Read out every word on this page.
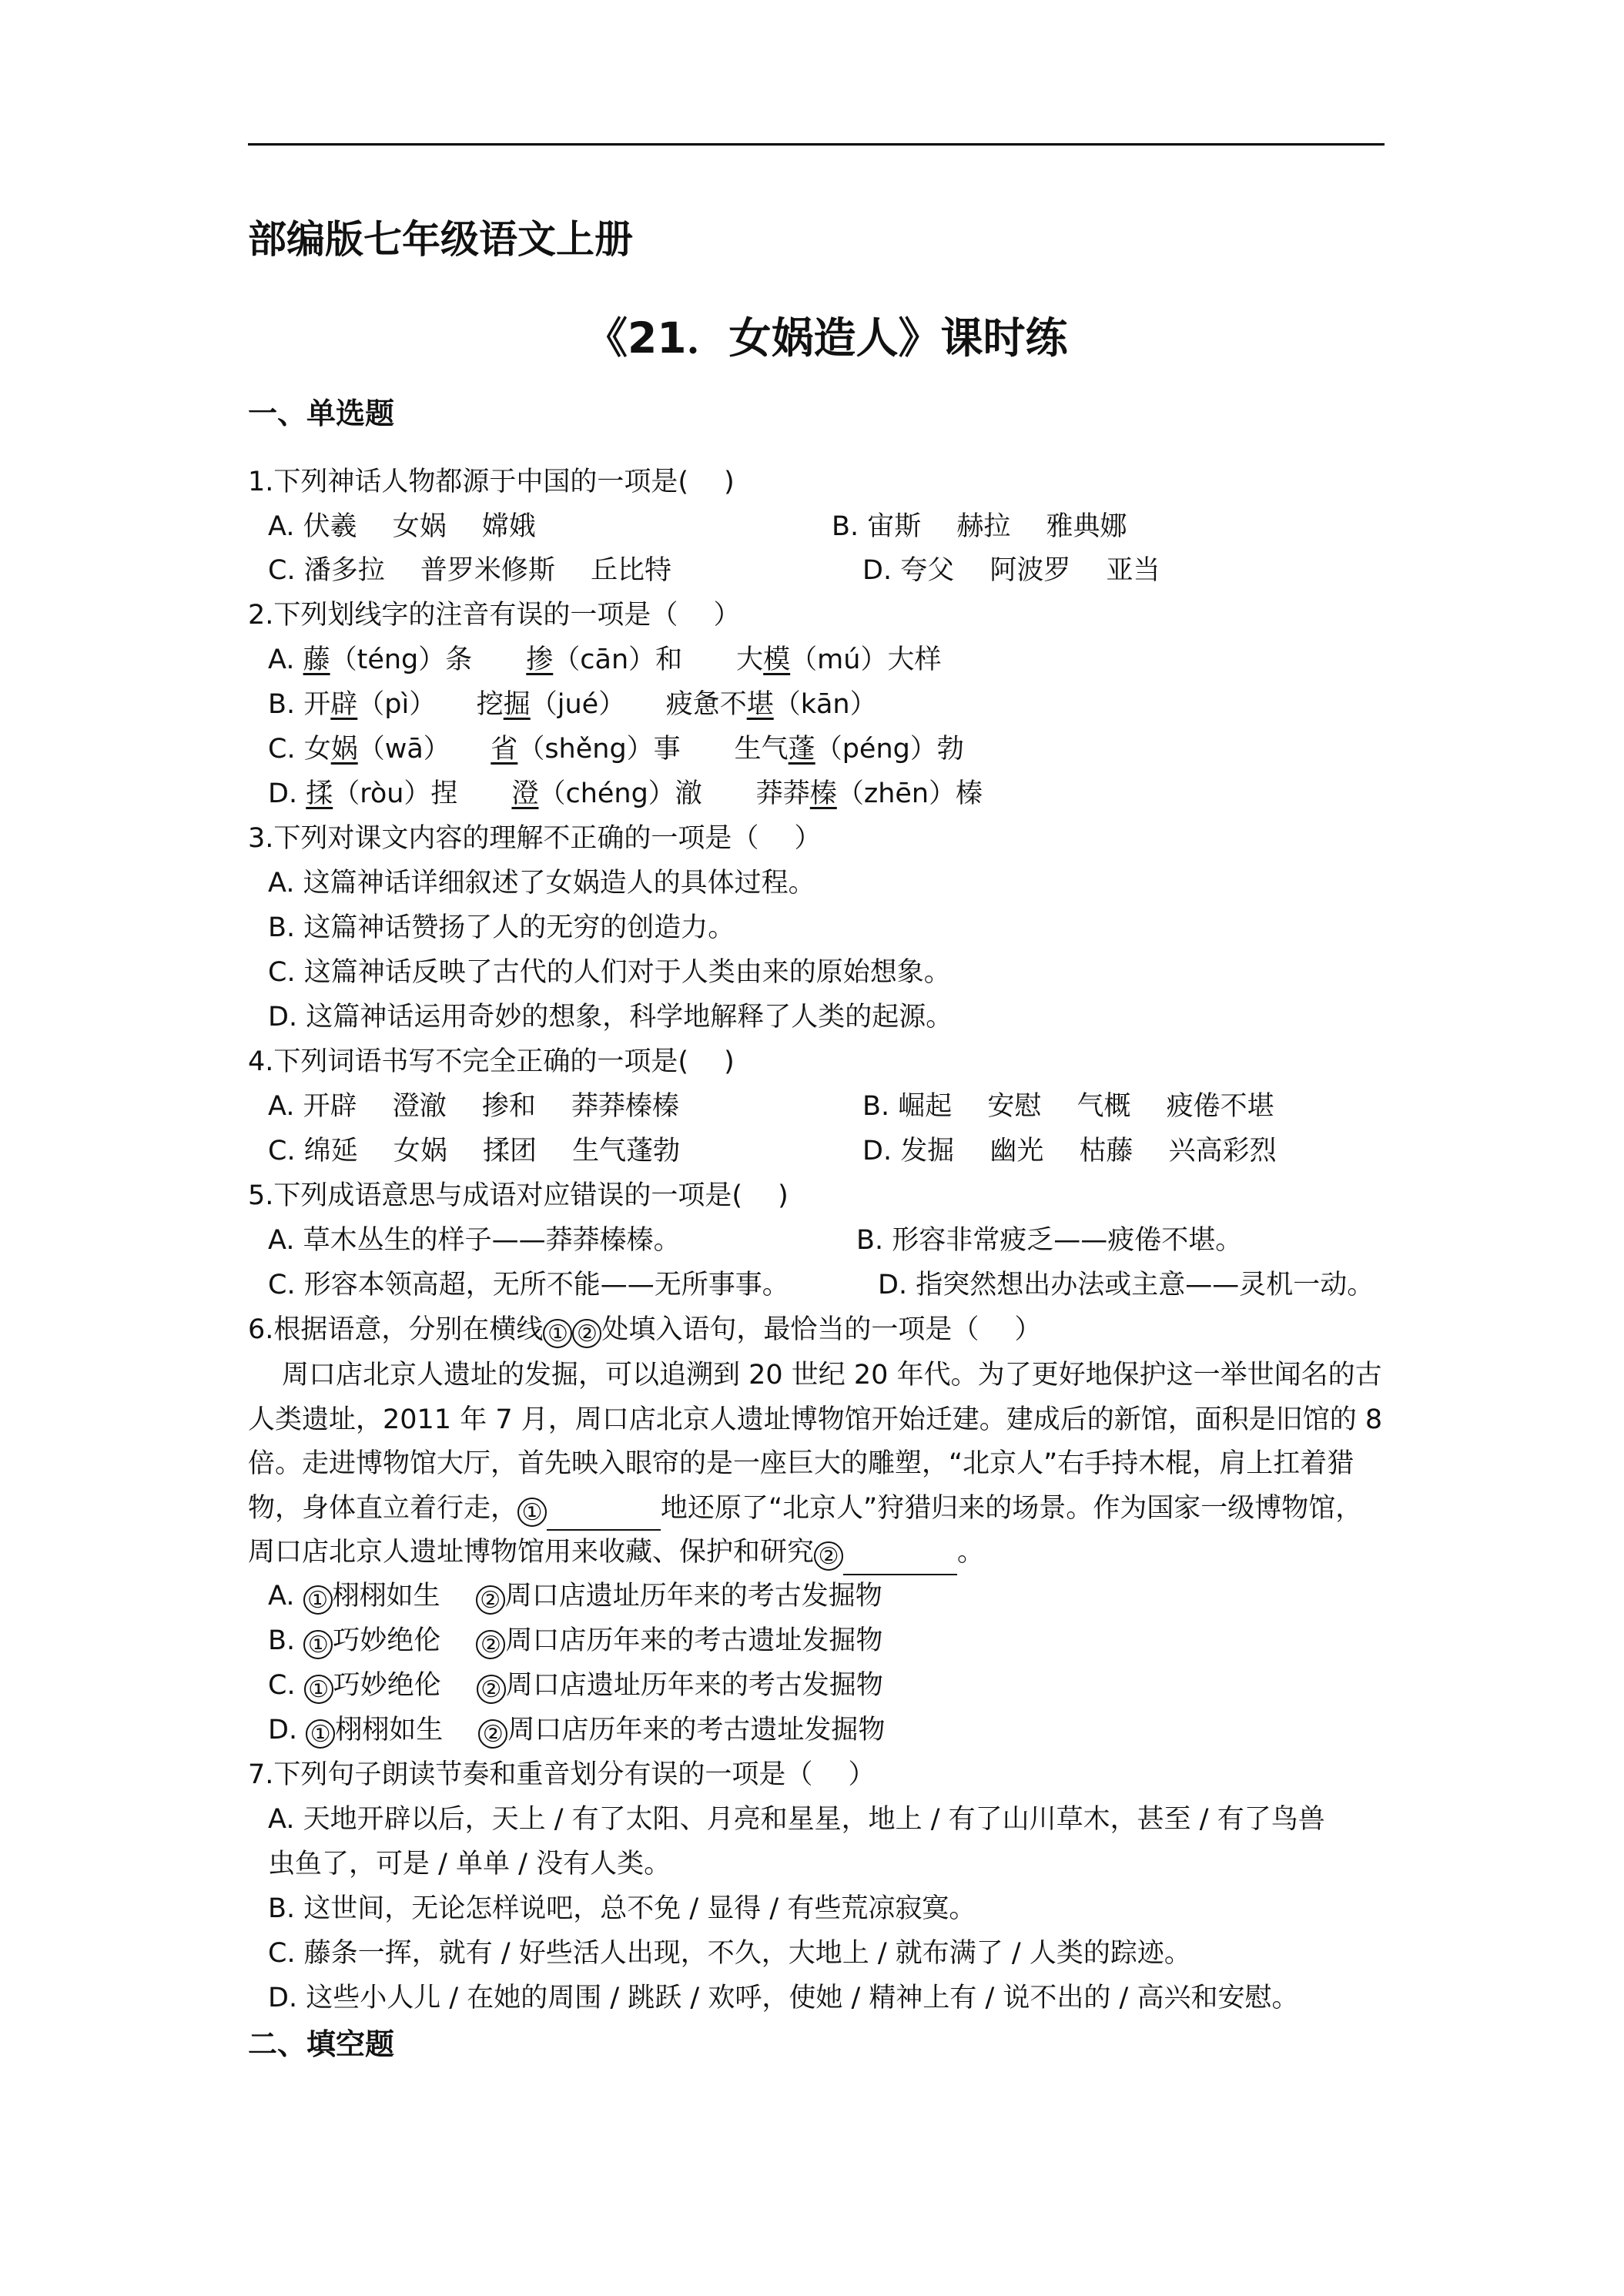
部编版七年级语文上册
《21．女娲造人》课时练
一、单选题
1.下列神话人物都源于中国的一项是(　 )
A. 伏羲　 女娲　 嫦娥	B. 宙斯　 赫拉　 雅典娜
C. 潘多拉　 普罗米修斯　 丘比特	D. 夸父　 阿波罗　 亚当
2.下列划线字的注音有误的一项是（　 ）
A. 藤（téng）条　　掺（cān）和　　大模（mú）大样
B. 开辟（pì）　　挖掘（jué）　　疲惫不堪（kān）
C. 女娲（wā）　　省（shěng）事　　生气蓬（péng）勃
D. 揉（ròu）捏　　澄（chéng）澈　　莽莽榛（zhēn）榛
3.下列对课文内容的理解不正确的一项是（　 ）
A. 这篇神话详细叙述了女娲造人的具体过程。
B. 这篇神话赞扬了人的无穷的创造力。
C. 这篇神话反映了古代的人们对于人类由来的原始想象。
D. 这篇神话运用奇妙的想象，科学地解释了人类的起源。
4.下列词语书写不完全正确的一项是(　 )
A. 开辟　 澄澈　 掺和　 莽莽榛榛	B. 崛起　 安慰　 气概　 疲倦不堪
C. 绵延　 女娲　 揉团　 生气蓬勃	D. 发掘　 幽光　 枯藤　 兴高彩烈
5.下列成语意思与成语对应错误的一项是(　 )
A. 草木丛生的样子——莽莽榛榛。	B. 形容非常疲乏——疲倦不堪。
C. 形容本领高超，无所不能——无所事事。	D. 指突然想出办法或主意——灵机一动。
6.根据语意，分别在横线 ① ② 处填入语句，最恰当的一项是（　 ）
周口店北京人遗址的发掘，可以追溯到 20 世纪 20 年代。为了更好地保护这一举世闻名的古人类遗址，2011 年 7 月，周口店北京人遗址博物馆开始迁建。建成后的新馆，面积是旧馆的 8 倍。走进博物馆大厅，首先映入眼帘的是一座巨大的雕塑，“北京人”右手持木棍，肩上扛着猎物，身体直立着行走， ①	地还原了“北京人”狩猎归来的场景。作为国家一级博物馆，周口店北京人遗址博物馆用来收藏、保护和研究 ②	。
A. ① 栩栩如生　 ② 周口店遗址历年来的考古发掘物
B. ① 巧妙绝伦　 ② 周口店历年来的考古遗址发掘物
C. ① 巧妙绝伦　 ② 周口店遗址历年来的考古发掘物
D. ① 栩栩如生　 ② 周口店历年来的考古遗址发掘物
7.下列句子朗读节奏和重音划分有误的一项是（　 ）
A. 天地开辟以后，天上 / 有了太阳、月亮和星星，地上 / 有了山川草木，甚至 / 有了鸟兽
虫鱼了，可是 / 单单 / 没有人类。
B. 这世间，无论怎样说吧，总不免 / 显得 / 有些荒凉寂寞。
C. 藤条一挥，就有 / 好些活人出现，不久，大地上 / 就布满了 / 人类的踪迹。
D. 这些小人儿 / 在她的周围 / 跳跃 / 欢呼，使她 / 精神上有 / 说不出的 / 高兴和安慰。
二、填空题
